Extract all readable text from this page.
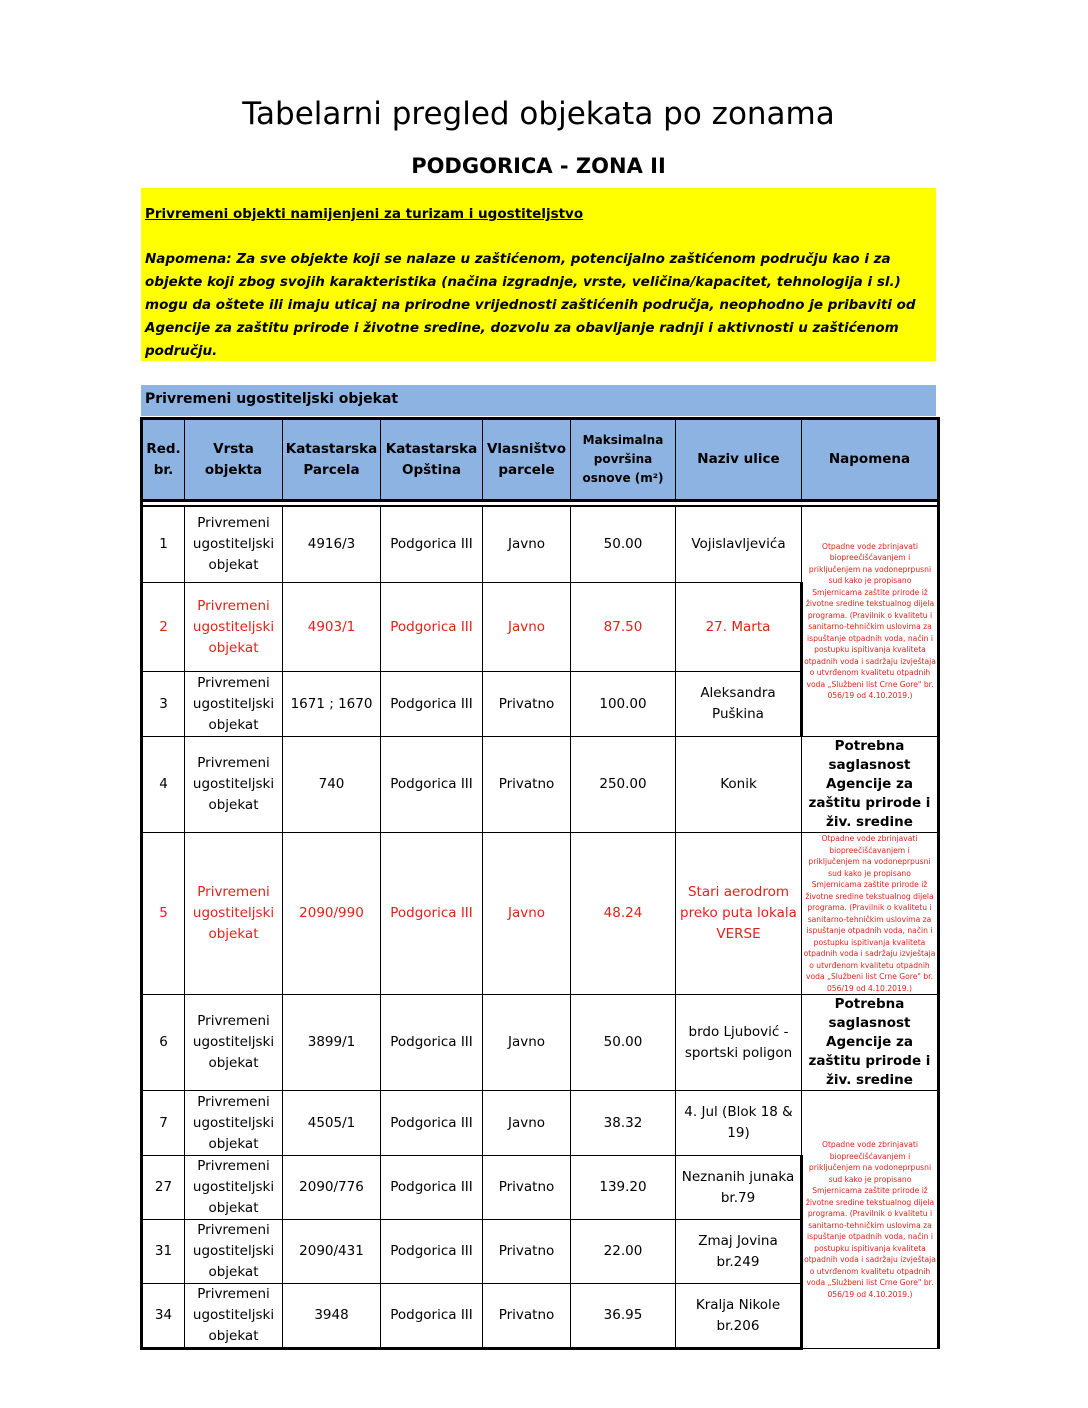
Tabelarni pregled objekata po zonama
PODGORICA - ZONA II

Privremeni objekti namijenjeni za turizam i ugostiteljstvo

Napomena: Za sve objekte koji se nalaze u zaštićenom, potencijalno zaštićenom području kao i za objekte koji zbog svojih karakteristika (načina izgradnje, vrste, veličina/kapacitet, tehnologija i sl.) mogu da oštete ili imaju uticaj na prirodne vrijednosti zaštićenih područja, neophodno je pribaviti od Agencije za zaštitu prirode i životne sredine, dozvolu za obavljanje radnji i aktivnosti u zaštićenom području.

Privremeni ugostiteljski objekat
Red. br.	Vrsta objekta	Katastarska Parcela	Katastarska Opština	Vlasništvo parcele	Maksimalna površina osnove (m²)	Naziv ulice	Napomena

1	Privremeni ugostiteljski objekat	4916/3	Podgorica III	Javno	50.00	Vojislavljevića	Otpadne vode zbrinjavati biopreečišćavanjem i priključenjem na vodoneprpusni sud kako je propisano Smjernicama zaštite prirode iž životne sredine tekstualnog dijela programa. (Pravilnik o kvalitetu i sanitarno-tehničkim uslovima za ispuštanje otpadnih voda, način i postupku ispitivanja kvaliteta otpadnih voda i sadržaju izvještaja o utvrđenom kvalitetu otpadnih voda „Službeni list Crne Gore" br. 056/19 od 4.10.2019.)
2	Privremeni ugostiteljski objekat	4903/1	Podgorica III	Javno	87.50	27. Marta	
3	Privremeni ugostiteljski objekat	1671 ; 1670	Podgorica III	Privatno	100.00	Aleksandra Puškina	
4	Privremeni ugostiteljski objekat	740	Podgorica III	Privatno	250.00	Konik	Potrebna saglasnost Agencije za zaštitu prirode i živ. sredine
5	Privremeni ugostiteljski objekat	2090/990	Podgorica III	Javno	48.24	Stari aerodrom preko puta lokala VERSE	Otpadne vode zbrinjavati biopreečišćavanjem i priključenjem na vodoneprpusni sud kako je propisano Smjernicama zaštite prirode iž životne sredine tekstualnog dijela programa. (Pravilnik o kvalitetu i sanitarno-tehničkim uslovima za ispuštanje otpadnih voda, način i postupku ispitivanja kvaliteta otpadnih voda i sadržaju izvještaja o utvrđenom kvalitetu otpadnih voda „Službeni list Crne Gore" br. 056/19 od 4.10.2019.)
6	Privremeni ugostiteljski objekat	3899/1	Podgorica III	Javno	50.00	brdo Ljubović - sportski poligon	Potrebna saglasnost Agencije za zaštitu prirode i živ. sredine
7	Privremeni ugostiteljski objekat	4505/1	Podgorica III	Javno	38.32	4. Jul (Blok 18 & 19)	Otpadne vode zbrinjavati biopreečišćavanjem i priključenjem na vodoneprpusni sud kako je propisano Smjernicama zaštite prirode iž životne sredine tekstualnog dijela programa. (Pravilnik o kvalitetu i sanitarno-tehničkim uslovima za ispuštanje otpadnih voda, način i postupku ispitivanja kvaliteta otpadnih voda i sadržaju izvještaja o utvrđenom kvalitetu otpadnih voda „Službeni list Crne Gore" br. 056/19 od 4.10.2019.)
27	Privremeni ugostiteljski objekat	2090/776	Podgorica III	Privatno	139.20	Neznanih junaka br.79	
31	Privremeni ugostiteljski objekat	2090/431	Podgorica III	Privatno	22.00	Zmaj Jovina br.249	
34	Privremeni ugostiteljski objekat	3948	Podgorica III	Privatno	36.95	Kralja Nikole br.206	
